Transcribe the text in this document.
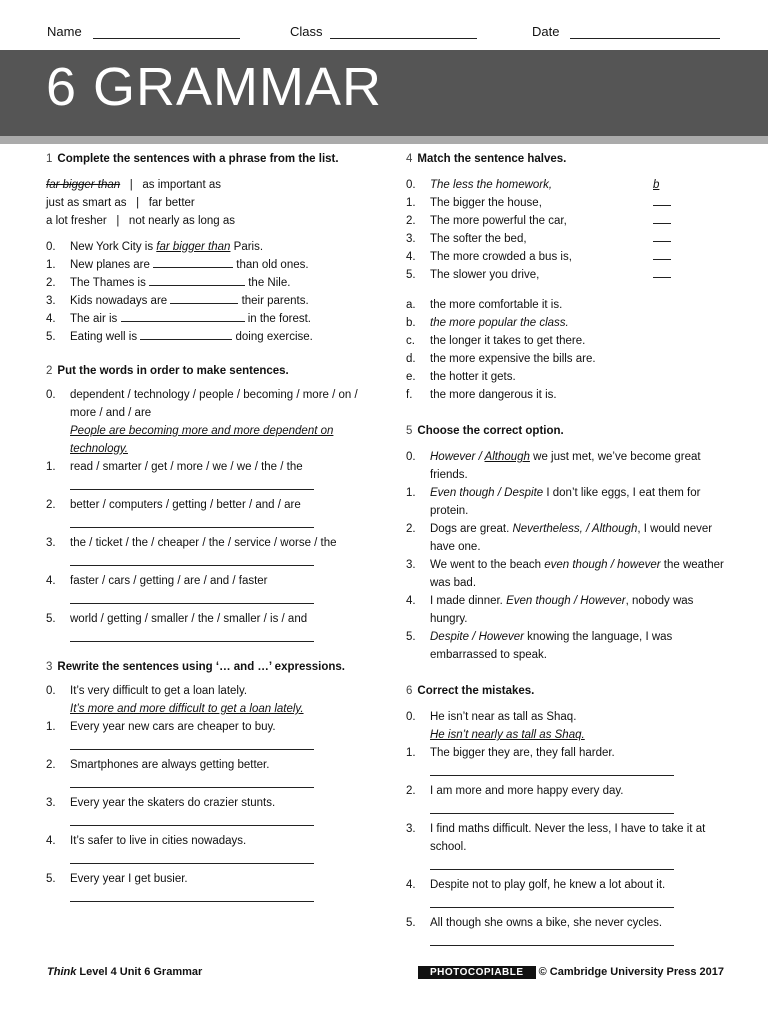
Name	Class	Date
6 GRAMMAR
1 Complete the sentences with a phrase from the list.
far bigger than | as important as
just as smart as | far better
a lot fresher | not nearly as long as
0. New York City is far bigger than Paris.
1. New planes are	than old ones.
2. The Thames is	the Nile.
3. Kids nowadays are	their parents.
4. The air is	in the forest.
5. Eating well is	doing exercise.
2 Put the words in order to make sentences.
0. dependent / technology / people / becoming / more / on / more / and / are
People are becoming more and more dependent on technology.
1. read / smarter / get / more / we / we / the / the
2. better / computers / getting / better / and / are
3. the / ticket / the / cheaper / the / service / worse / the
4. faster / cars / getting / are / and / faster
5. world / getting / smaller / the / smaller / is / and
3 Rewrite the sentences using ‘… and …’ expressions.
0. It’s very difficult to get a loan lately.
It’s more and more difficult to get a loan lately.
1. Every year new cars are cheaper to buy.
2. Smartphones are always getting better.
3. Every year the skaters do crazier stunts.
4. It’s safer to live in cities nowadays.
5. Every year I get busier.
4 Match the sentence halves.
0. The less the homework,	b
1. The bigger the house,
2. The more powerful the car,
3. The softer the bed,
4. The more crowded a bus is,
5. The slower you drive,
a. the more comfortable it is.
b. the more popular the class.
c. the longer it takes to get there.
d. the more expensive the bills are.
e. the hotter it gets.
f. the more dangerous it is.
5 Choose the correct option.
0. However / Although we just met, we’ve become great friends.
1. Even though / Despite I don’t like eggs, I eat them for protein.
2. Dogs are great. Nevertheless, / Although, I would never have one.
3. We went to the beach even though / however the weather was bad.
4. I made dinner. Even though / However, nobody was hungry.
5. Despite / However knowing the language, I was embarrassed to speak.
6 Correct the mistakes.
0. He isn’t near as tall as Shaq.
He isn’t nearly as tall as Shaq.
1. The bigger they are, they fall harder.
2. I am more and more happy every day.
3. I find maths difficult. Never the less, I have to take it at school.
4. Despite not to play golf, he knew a lot about it.
5. All though she owns a bike, she never cycles.
Think Level 4 Unit 6 Grammar	PHOTOCOPIABLE © Cambridge University Press 2017
